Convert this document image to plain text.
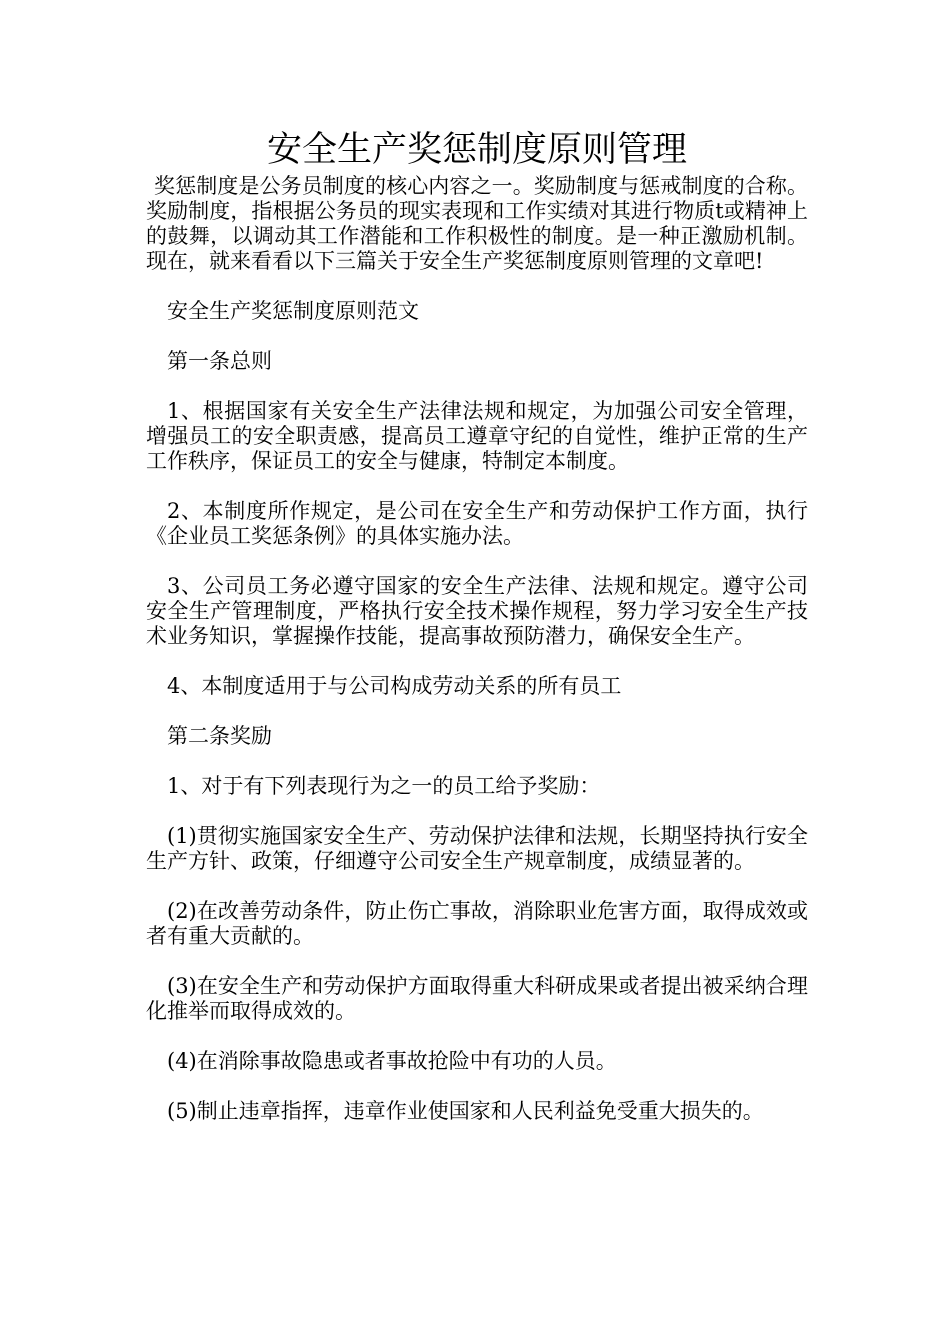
安全生产奖惩制度原则管理

奖惩制度是公务员制度的核心内容之一。奖励制度与惩戒制度的合称。奖励制度，指根据公务员的现实表现和工作实绩对其进行物质t或精神上的鼓舞，以调动其工作潜能和工作积极性的制度。是一种正激励机制。现在，就来看看以下三篇关于安全生产奖惩制度原则管理的文章吧!

安全生产奖惩制度原则范文

第一条总则

1、根据国家有关安全生产法律法规和规定，为加强公司安全管理，增强员工的安全职责感，提高员工遵章守纪的自觉性，维护正常的生产工作秩序，保证员工的安全与健康，特制定本制度。

2、本制度所作规定，是公司在安全生产和劳动保护工作方面，执行《企业员工奖惩条例》的具体实施办法。

3、公司员工务必遵守国家的安全生产法律、法规和规定。遵守公司安全生产管理制度，严格执行安全技术操作规程，努力学习安全生产技术业务知识，掌握操作技能，提高事故预防潜力，确保安全生产。

4、本制度适用于与公司构成劳动关系的所有员工

第二条奖励

1、对于有下列表现行为之一的员工给予奖励：

(1)贯彻实施国家安全生产、劳动保护法律和法规，长期坚持执行安全生产方针、政策，仔细遵守公司安全生产规章制度，成绩显著的。

(2)在改善劳动条件，防止伤亡事故，消除职业危害方面，取得成效或者有重大贡献的。

(3)在安全生产和劳动保护方面取得重大科研成果或者提出被采纳合理化推举而取得成效的。

(4)在消除事故隐患或者事故抢险中有功的人员。

(5)制止违章指挥，违章作业使国家和人民利益免受重大损失的。
